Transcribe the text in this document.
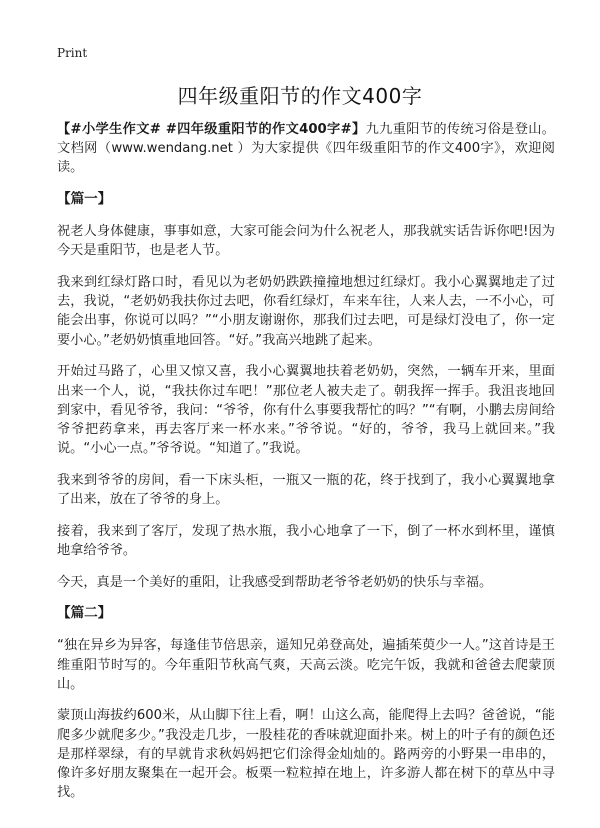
Print
四年级重阳节的作文400字

【#小学生作文# #四年级重阳节的作文400字#】九九重阳节的传统习俗是登山。文档网（www.wendang.net ）为大家提供《四年级重阳节的作文400字》，欢迎阅读。

【篇一】

祝老人身体健康，事事如意，大家可能会问为什么祝老人，那我就实话告诉你吧!因为今天是重阳节，也是老人节。

我来到红绿灯路口时，看见以为老奶奶跌跌撞撞地想过红绿灯。我小心翼翼地走了过去，我说，“老奶奶我扶你过去吧，你看红绿灯，车来车往，人来人去，一不小心，可能会出事，你说可以吗？”“小朋友谢谢你，那我们过去吧，可是绿灯没电了，你一定要小心。”老奶奶慎重地回答。“好。”我高兴地跳了起来。

开始过马路了，心里又惊又喜，我小心翼翼地扶着老奶奶，突然，一辆车开来，里面出来一个人，说，“我扶你过车吧！”那位老人被夫走了。朝我挥一挥手。我沮丧地回到家中，看见爷爷，我问：“爷爷，你有什么事要我帮忙的吗？”“有啊，小鹏去房间给爷爷把药拿来，再去客厅来一杯水来。”爷爷说。“好的，爷爷，我马上就回来。”我说。“小心一点。”爷爷说。“知道了。”我说。

我来到爷爷的房间，看一下床头柜，一瓶又一瓶的花，终于找到了，我小心翼翼地拿了出来，放在了爷爷的身上。

接着，我来到了客厅，发现了热水瓶，我小心地拿了一下，倒了一杯水到杯里，谨慎地拿给爷爷。

今天，真是一个美好的重阳，让我感受到帮助老爷爷老奶奶的快乐与幸福。

【篇二】

“独在异乡为异客，每逢佳节倍思亲，遥知兄弟登高处，遍插茱萸少一人。”这首诗是王维重阳节时写的。今年重阳节秋高气爽，天高云淡。吃完午饭，我就和爸爸去爬蒙顶山。

蒙顶山海拔约600米，从山脚下往上看，啊！山这么高，能爬得上去吗？爸爸说，“能爬多少就爬多少。”我没走几步，一股桂花的香味就迎面扑来。树上的叶子有的颜色还是那样翠绿，有的早就肯求秋妈妈把它们涂得金灿灿的。路两旁的小野果一串串的，像许多好朋友聚集在一起开会。板栗一粒粒掉在地上，许多游人都在树下的草丛中寻找。
